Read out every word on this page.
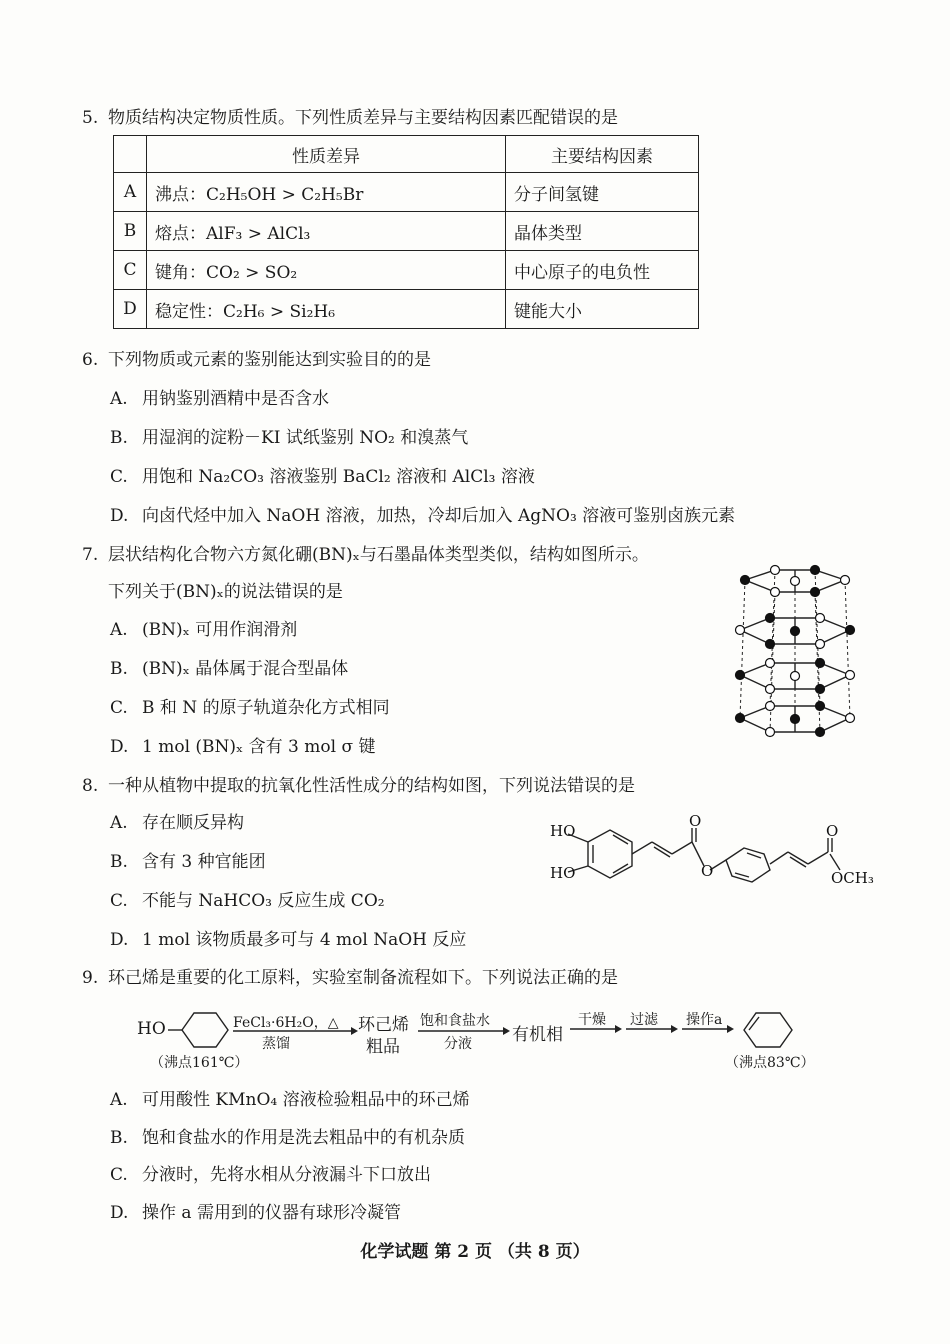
5. 物质结构决定物质性质。下列性质差异与主要结构因素匹配错误的是
	性质差异	主要结构因素
A	沸点：C₂H₅OH > C₂H₅Br	分子间氢键
B	熔点：AlF₃ > AlCl₃	晶体类型
C	键角：CO₂ > SO₂	中心原子的电负性
D	稳定性：C₂H₆ > Si₂H₆	键能大小
6. 下列物质或元素的鉴别能达到实验目的的是
A. 用钠鉴别酒精中是否含水
B. 用湿润的淀粉－KI 试纸鉴别 NO₂ 和溴蒸气
C. 用饱和 Na₂CO₃ 溶液鉴别 BaCl₂ 溶液和 AlCl₃ 溶液
D. 向卤代烃中加入 NaOH 溶液，加热，冷却后加入 AgNO₃ 溶液可鉴别卤族元素
7. 层状结构化合物六方氮化硼(BN)ₓ与石墨晶体类型类似，结构如图所示。
下列关于(BN)ₓ的说法错误的是
A. (BN)ₓ 可用作润滑剂
B. (BN)ₓ 晶体属于混合型晶体
C. B 和 N 的原子轨道杂化方式相同
D. 1 mol (BN)ₓ 含有 3 mol σ 键
8. 一种从植物中提取的抗氧化性活性成分的结构如图，下列说法错误的是
A. 存在顺反异构
B. 含有 3 种官能团
C. 不能与 NaHCO₃ 反应生成 CO₂
D. 1 mol 该物质最多可与 4 mol NaOH 反应
HO
HO
O
O
O
OCH₃
9. 环己烯是重要的化工原料，实验室制备流程如下。下列说法正确的是
HO
（沸点161℃）
FeCl₃·6H₂O，△
蒸馏
环己烯
粗品
饱和食盐水
分液 有机相
干燥 过滤 操作a
（沸点83℃）
A. 可用酸性 KMnO₄ 溶液检验粗品中的环己烯
B. 饱和食盐水的作用是洗去粗品中的有机杂质
C. 分液时，先将水相从分液漏斗下口放出
D. 操作 a 需用到的仪器有球形冷凝管
化学试题 第 2 页 （共 8 页）
